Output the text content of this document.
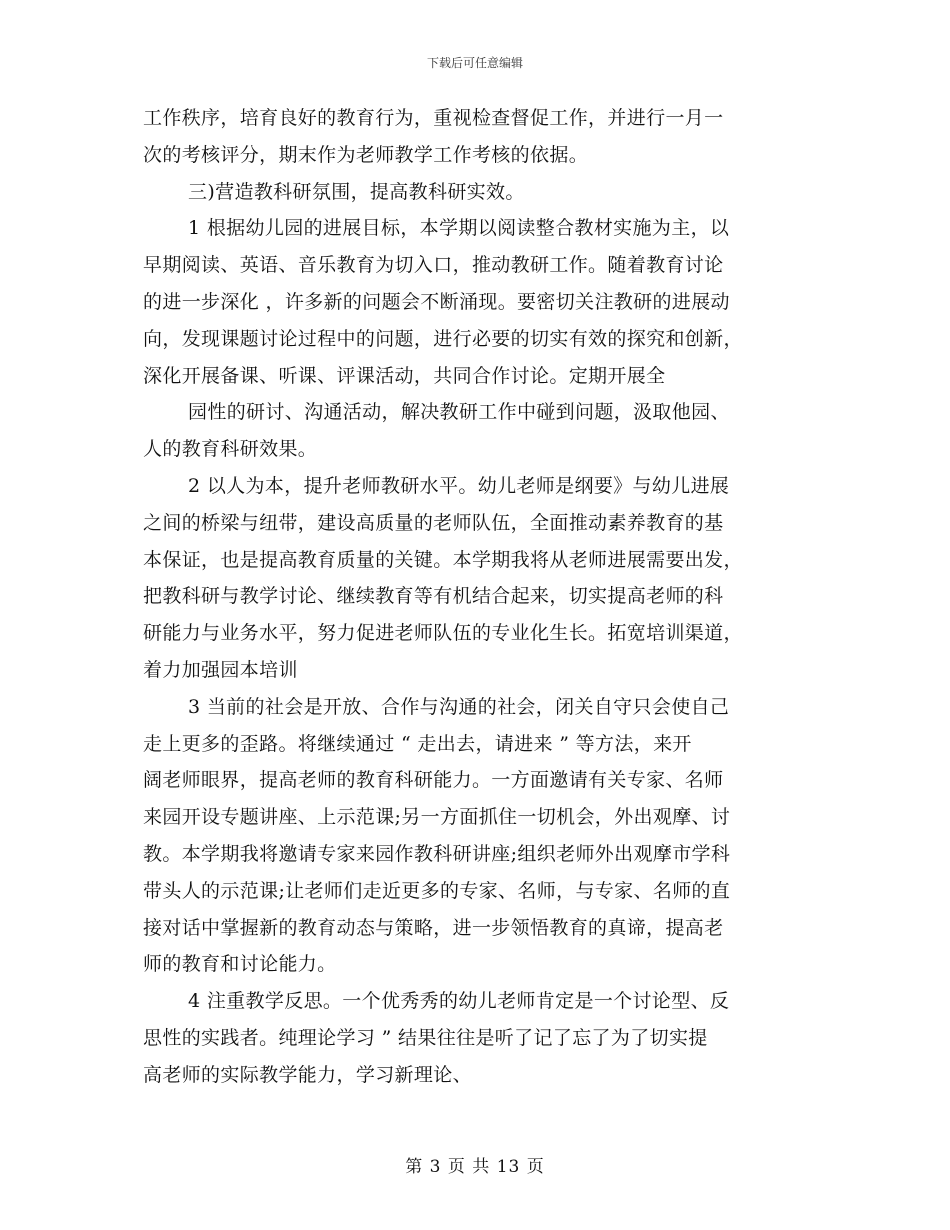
下载后可任意编辑
工作秩序，培育良好的教育行为，重视检查督促工作，并进行一月一
次的考核评分，期末作为老师教学工作考核的依据。
三)营造教科研氛围，提高教科研实效。
1 根据幼儿园的进展目标，本学期以阅读整合教材实施为主，以
早期阅读、英语、音乐教育为切入口，推动教研工作。随着教育讨论
的进一步深化 ，许多新的问题会不断涌现。要密切关注教研的进展动
向，发现课题讨论过程中的问题，进行必要的切实有效的探究和创新，
深化开展备课、听课、评课活动，共同合作讨论。定期开展全
园性的研讨、沟通活动，解决教研工作中碰到问题，汲取他园、
人的教育科研效果。
2 以人为本，提升老师教研水平。幼儿老师是纲要》与幼儿进展
之间的桥梁与纽带，建设高质量的老师队伍，全面推动素养教育的基
本保证，也是提高教育质量的关键。本学期我将从老师进展需要出发，
把教科研与教学讨论、继续教育等有机结合起来，切实提高老师的科
研能力与业务水平，努力促进老师队伍的专业化生长。拓宽培训渠道，
着力加强园本培训
3 当前的社会是开放、合作与沟通的社会，闭关自守只会使自己
走上更多的歪路。将继续通过 “ 走出去，请进来 ” 等方法，来开
阔老师眼界，提高老师的教育科研能力。一方面邀请有关专家、名师
来园开设专题讲座、上示范课;另一方面抓住一切机会，外出观摩、讨
教。本学期我将邀请专家来园作教科研讲座;组织老师外出观摩市学科
带头人的示范课;让老师们走近更多的专家、名师，与专家、名师的直
接对话中掌握新的教育动态与策略，进一步领悟教育的真谛，提高老
师的教育和讨论能力。
4 注重教学反思。一个优秀秀的幼儿老师肯定是一个讨论型、反
思性的实践者。纯理论学习 ” 结果往往是听了记了忘了为了切实提
高老师的实际教学能力，学习新理论、
第 3 页 共 13 页
